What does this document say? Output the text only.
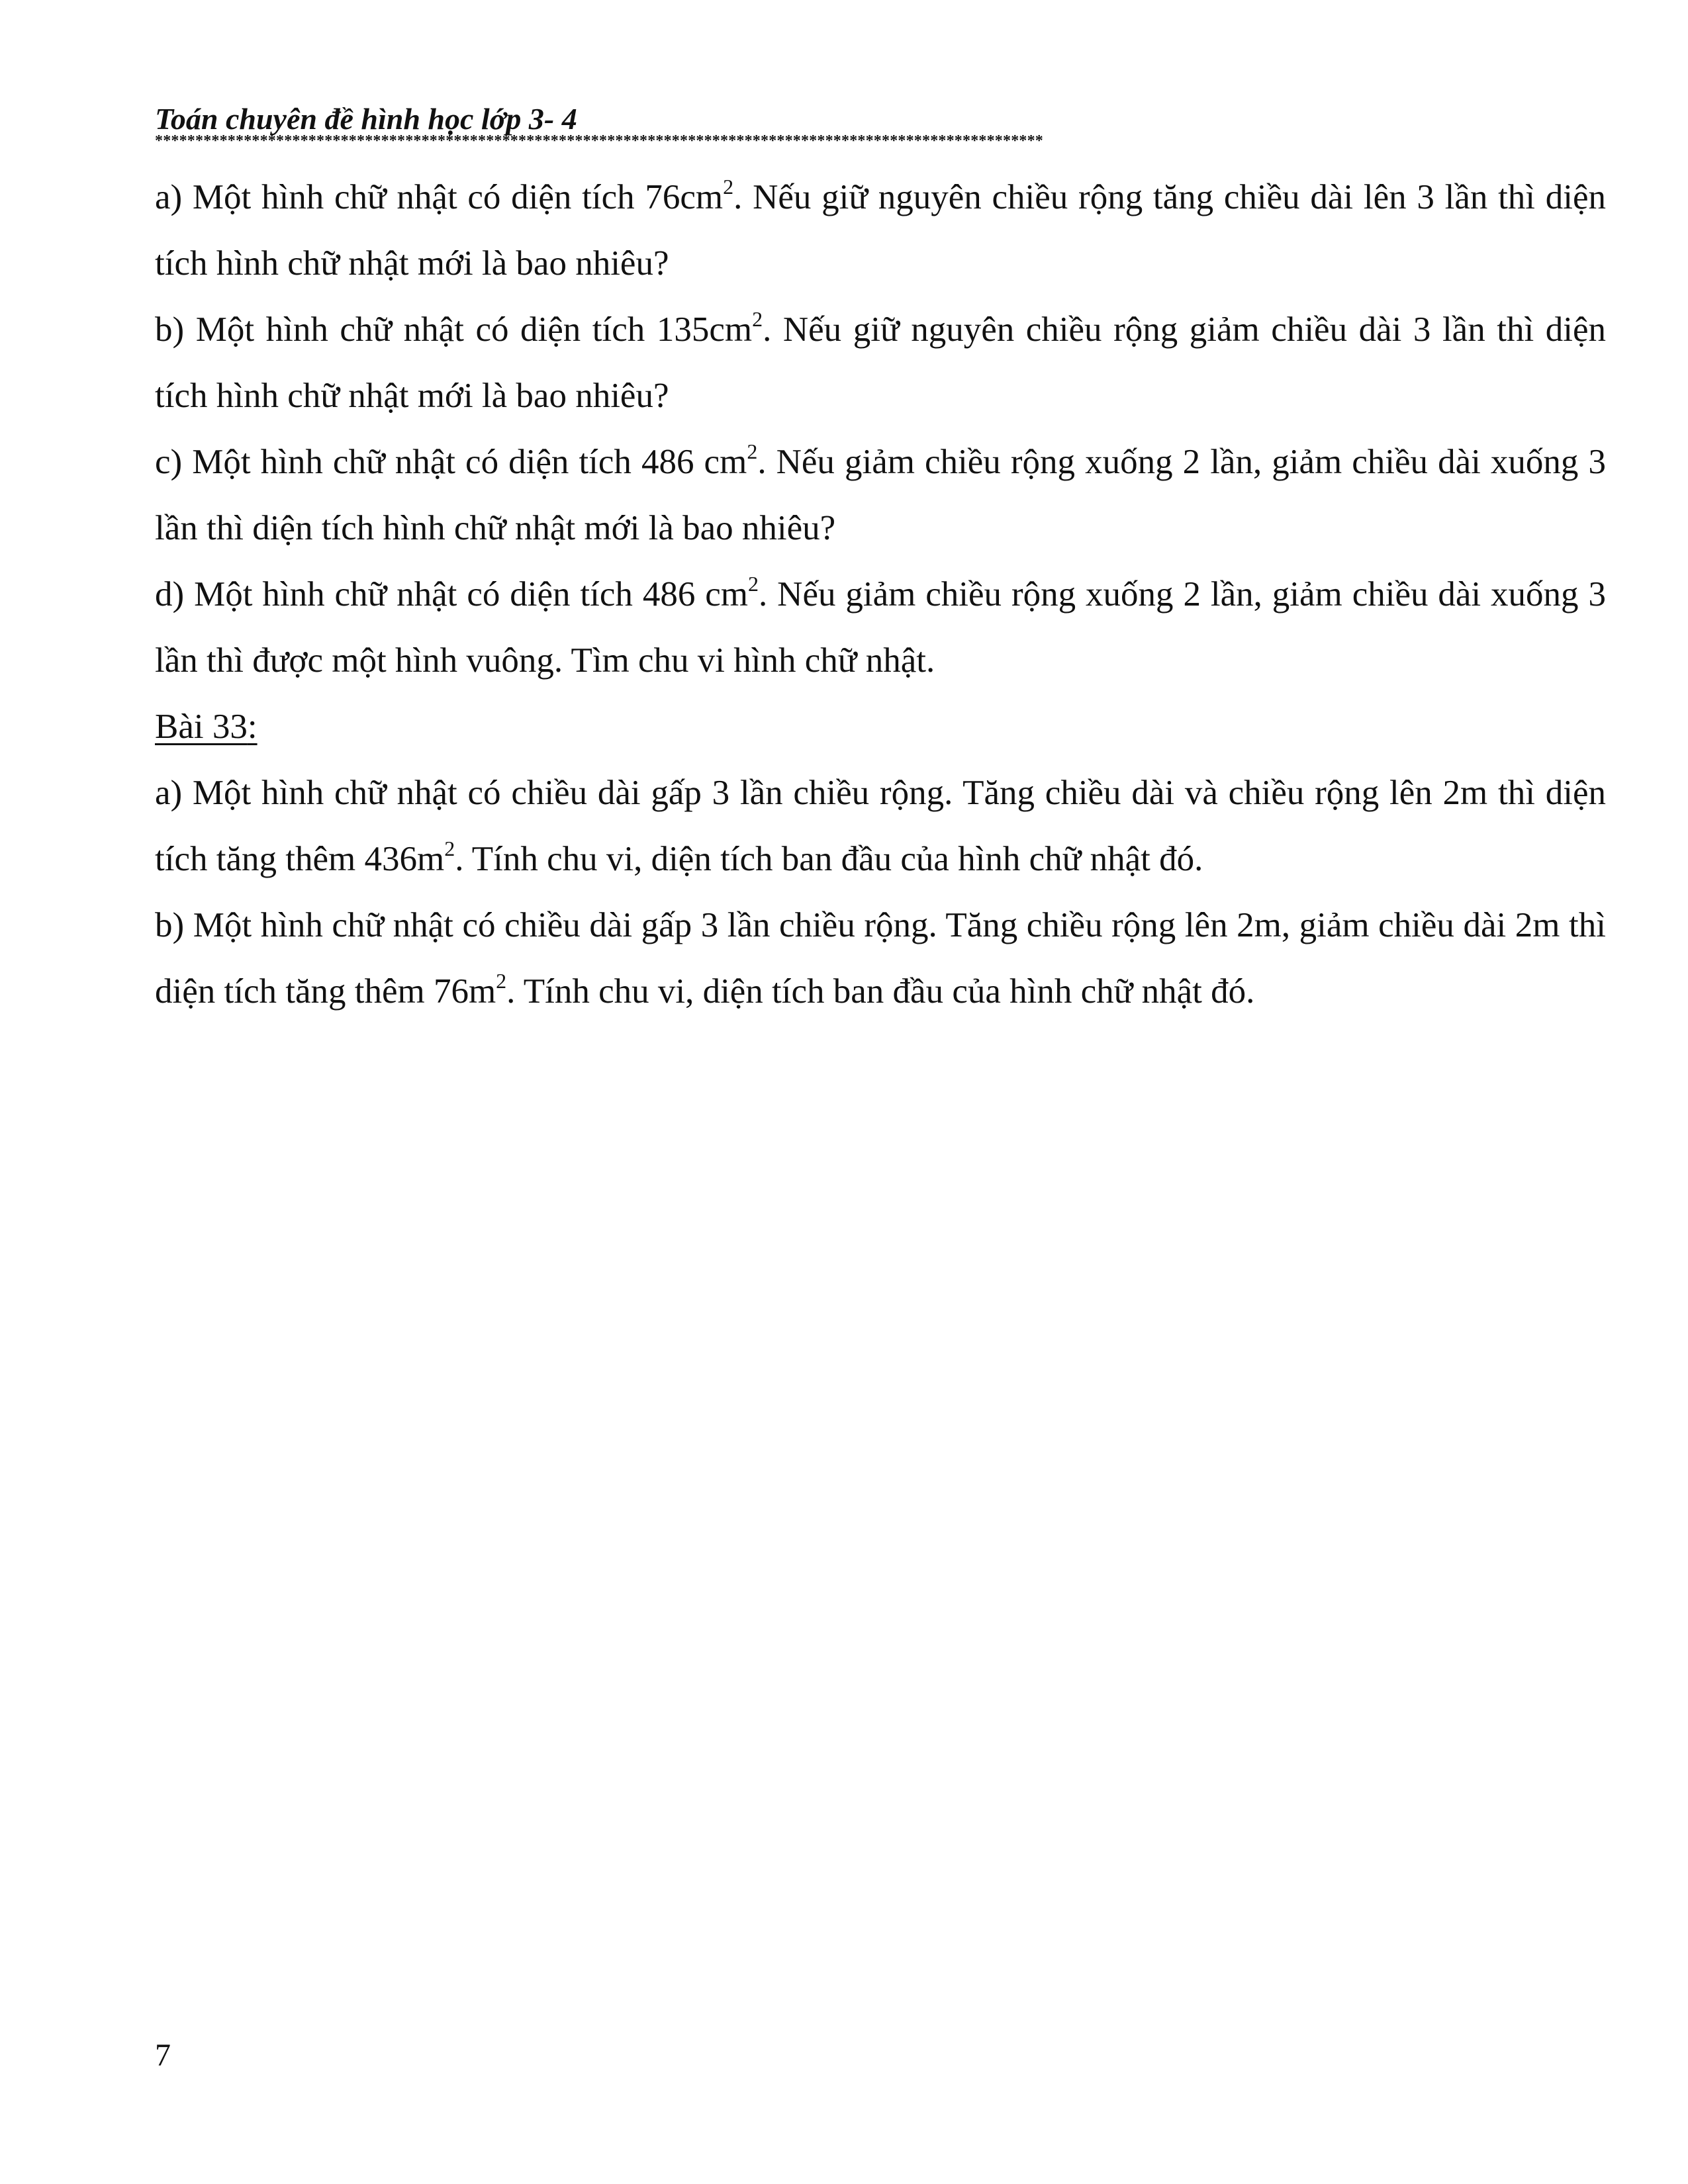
Toán chuyên đề hình học lớp 3- 4
**************************************************************************************************************

a) Một hình chữ nhật có diện tích $76cm^2$. Nếu giữ nguyên chiều rộng tăng chiều dài lên 3 lần thì diện tích hình chữ nhật mới là bao nhiêu?

b) Một hình chữ nhật có diện tích $135cm^2$. Nếu giữ nguyên chiều rộng giảm chiều dài 3 lần thì diện tích hình chữ nhật mới là bao nhiêu?

c) Một hình chữ nhật có diện tích 486 $cm^2$. Nếu giảm chiều rộng xuống 2 lần, giảm chiều dài xuống 3 lần thì diện tích hình chữ nhật mới là bao nhiêu?

d) Một hình chữ nhật có diện tích 486 $cm^2$. Nếu giảm chiều rộng xuống 2 lần, giảm chiều dài xuống 3 lần thì được một hình vuông. Tìm chu vi hình chữ nhật.

Bài 33:

a) Một hình chữ nhật có chiều dài gấp 3 lần chiều rộng. Tăng chiều dài và chiều rộng lên 2m thì diện tích tăng thêm $436m^2$. Tính chu vi, diện tích ban đầu của hình chữ nhật đó.

b) Một hình chữ nhật có chiều dài gấp 3 lần chiều rộng. Tăng chiều rộng lên 2m, giảm chiều dài 2m thì diện tích tăng thêm $76m^2$. Tính chu vi, diện tích ban đầu của hình chữ nhật đó.

7
